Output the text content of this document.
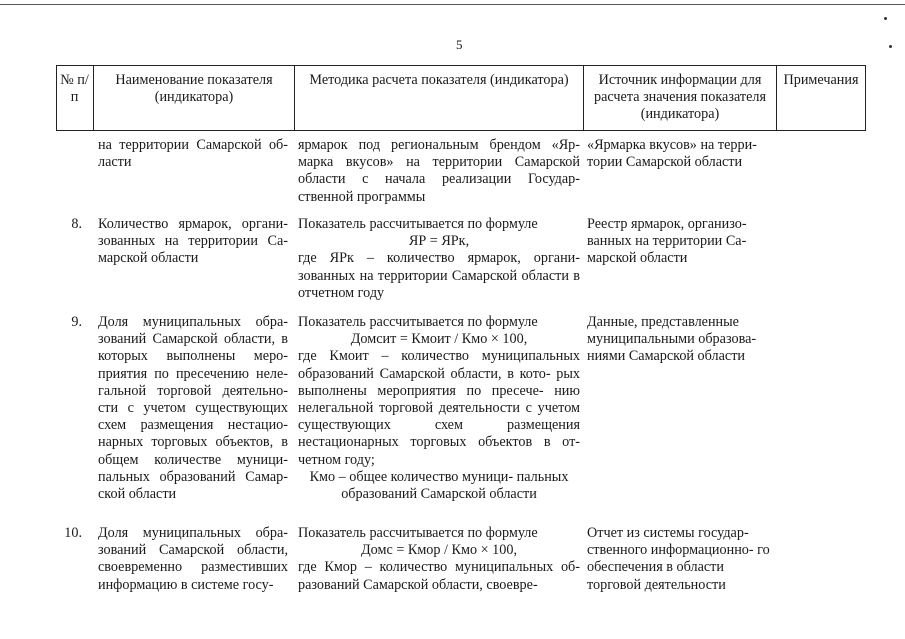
5
№ п/п
Наименование показателя (индикатора)
Методика расчета показателя (индикатора)	Источник информации для расчета значения показателя (индикатора)
Примечания
на территории Самарской об- ласти
ярмарок под региональным брендом «Яр- марка вкусов» на территории Самарской области с начала реализации Государ- ственной программы
«Ярмарка вкусов» на терри- тории Самарской области
8. Количество ярмарок, органи- зованных на территории Са- марской области
Показатель рассчитывается по формуле
ЯР = ЯРк,
где ЯРк – количество ярмарок, органи- зованных на территории Самарской области в отчетном году
Реестр ярмарок, организо- ванных на территории Са- марской области
9. Доля муниципальных обра- зований Самарской области, в которых выполнены меро- приятия по пресечению неле- гальной торговой деятельно- сти с учетом существующих схем размещения нестацио- нарных торговых объектов, в общем количестве муници- пальных образований Самар- ской области
Показатель рассчитывается по формуле
Домсит = Кмоит / Кмо × 100,
где Кмоит – количество муниципальных образований Самарской области, в кото- рых выполнены мероприятия по пресече- нию нелегальной торговой деятельности с учетом существующих схем размещения нестационарных торговых объектов в от- четном году;
Кмо – общее количество муници- пальных образований Самарской области
Данные, представленные муниципальными образова- ниями Самарской области
10. Доля муниципальных обра- зований Самарской области, своевременно разместивших информацию в системе госу-
Показатель рассчитывается по формуле
Домс = Кмор / Кмо × 100,
где Кмор – количество муниципальных об- разований Самарской области, своевре-
Отчет из системы государ- ственного информационно- го обеспечения в области торговой деятельности
